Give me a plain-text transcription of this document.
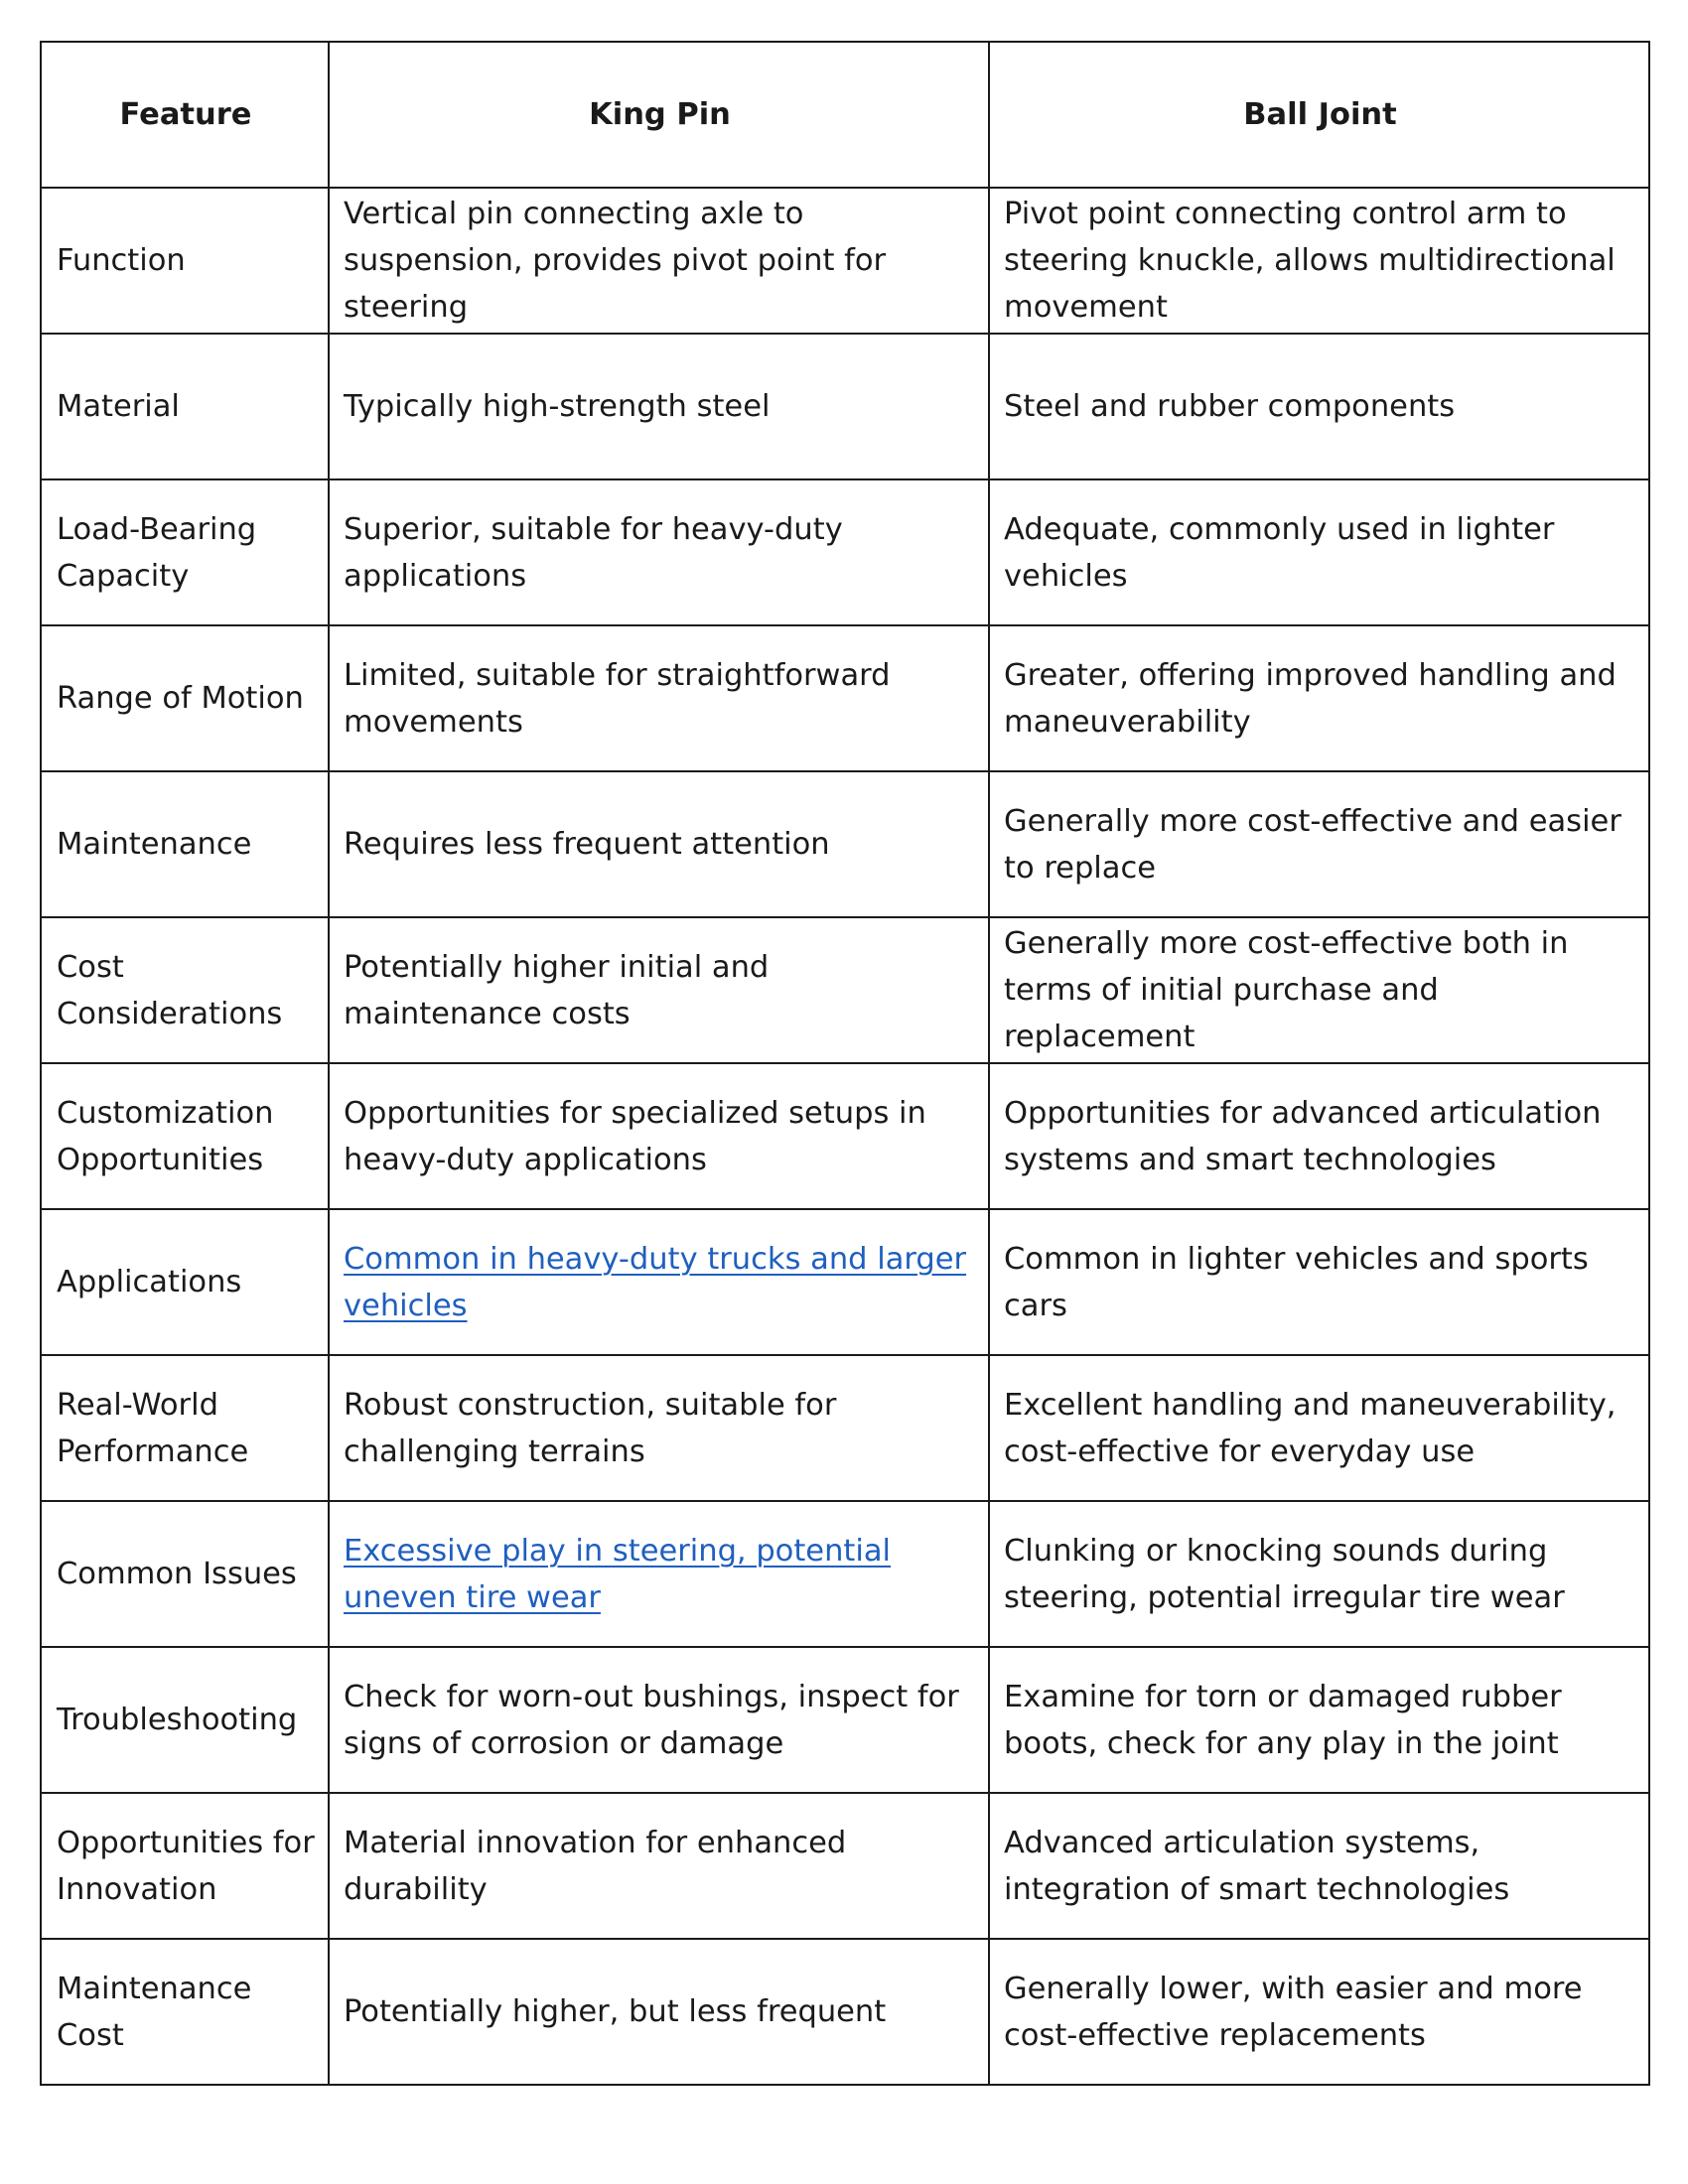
Feature	King Pin	Ball Joint
Function	Vertical pin connecting axle to suspension, provides pivot point for steering	Pivot point connecting control arm to steering knuckle, allows multidirectional movement
Material	Typically high-strength steel	Steel and rubber components
Load-Bearing Capacity	Superior, suitable for heavy-duty applications	Adequate, commonly used in lighter vehicles
Range of Motion	Limited, suitable for straightforward movements	Greater, offering improved handling and maneuverability
Maintenance	Requires less frequent attention	Generally more cost-effective and easier to replace
Cost Considerations	Potentially higher initial and maintenance costs	Generally more cost-effective both in terms of initial purchase and replacement
Customization Opportunities	Opportunities for specialized setups in heavy-duty applications	Opportunities for advanced articulation systems and smart technologies
Applications	Common in heavy-duty trucks and larger vehicles	Common in lighter vehicles and sports cars
Real-World Performance	Robust construction, suitable for challenging terrains	Excellent handling and maneuverability, cost-effective for everyday use
Common Issues	Excessive play in steering, potential uneven tire wear	Clunking or knocking sounds during steering, potential irregular tire wear
Troubleshooting	Check for worn-out bushings, inspect for signs of corrosion or damage	Examine for torn or damaged rubber boots, check for any play in the joint
Opportunities for Innovation	Material innovation for enhanced durability	Advanced articulation systems, integration of smart technologies
Maintenance Cost	Potentially higher, but less frequent	Generally lower, with easier and more cost-effective replacements
